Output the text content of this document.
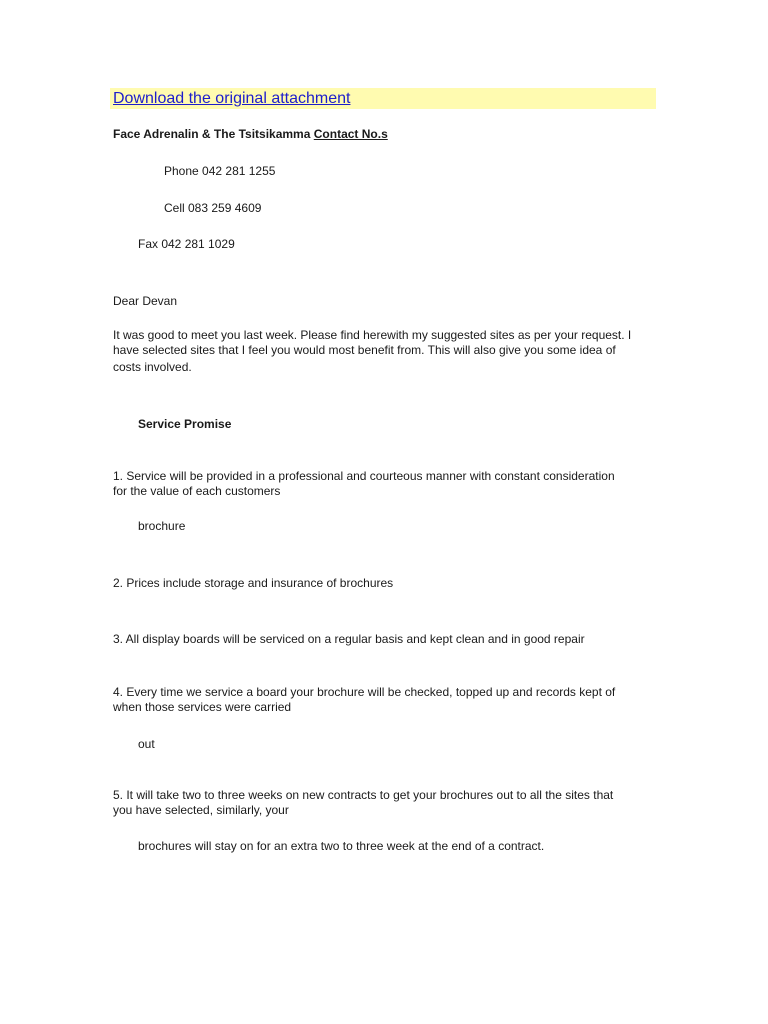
Download the original attachment

Face Adrenalin & The Tsitsikamma Contact No.s

Phone 042 281 1255

Cell 083 259 4609

Fax 042 281 1029

Dear Devan

It was good to meet you last week. Please find herewith my suggested sites as per your request. I

have selected sites that I feel you would most benefit from. This will also give you some idea of

costs involved.

Service Promise

1. Service will be provided in a professional and courteous manner with constant consideration

for the value of each customers

brochure

2. Prices include storage and insurance of brochures

3. All display boards will be serviced on a regular basis and kept clean and in good repair

4. Every time we service a board your brochure will be checked, topped up and records kept of

when those services were carried

out

5. It will take two to three weeks on new contracts to get your brochures out to all the sites that

you have selected, similarly, your

brochures will stay on for an extra two to three week at the end of a contract.
